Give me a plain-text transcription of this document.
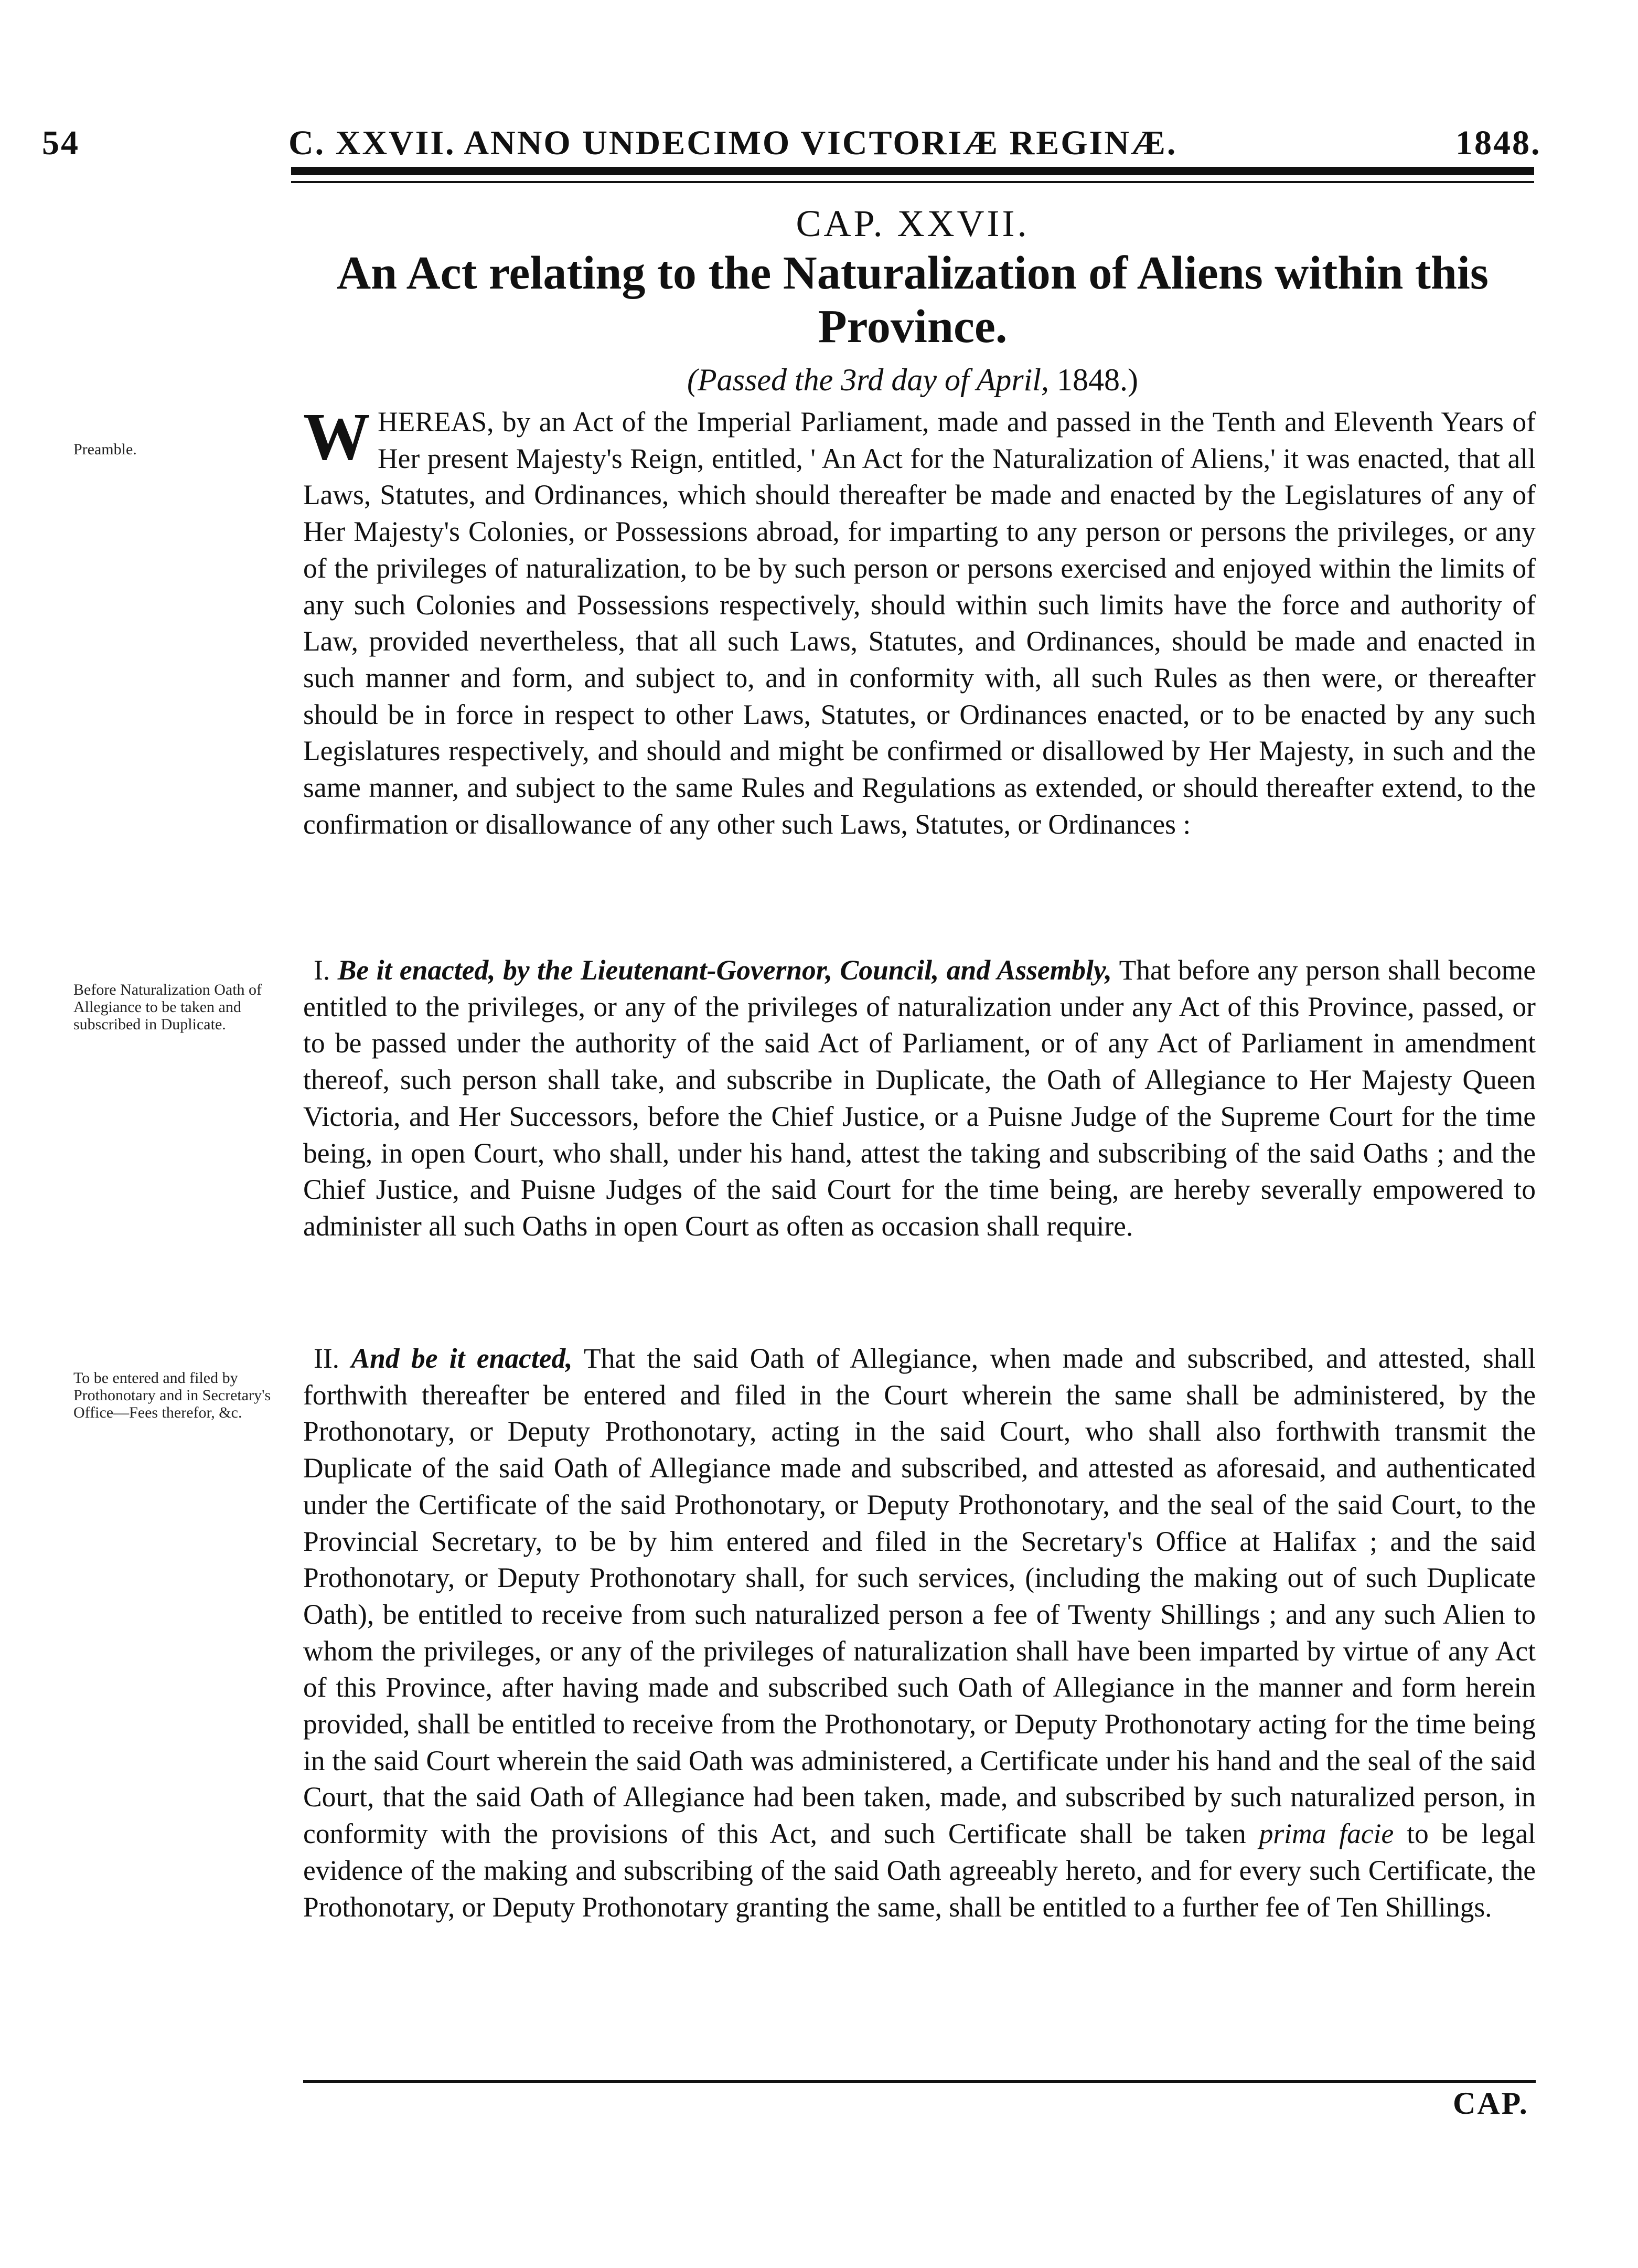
54	C. XXVII. ANNO UNDECIMO VICTORIÆ REGINÆ.	1848.
CAP. XXVII.
An Act relating to the Naturalization of Aliens within this Province.
(Passed the 3rd day of April, 1848.)
Preamble.
Before Naturalization Oath of Allegiance to be taken and subscribed in Duplicate.
To be entered and filed by Prothonotary and in Secretary's Office—Fees therefor, &c.
WHEREAS, by an Act of the Imperial Parliament, made and passed in the Tenth and Eleventh Years of Her present Majesty's Reign, entitled, ' An Act for the Naturalization of Aliens,' it was enacted, that all Laws, Statutes, and Ordinances, which should thereafter be made and enacted by the Legislatures of any of Her Majesty's Colonies, or Possessions abroad, for imparting to any person or persons the privileges, or any of the privileges of naturalization, to be by such person or persons exercised and enjoyed within the limits of any such Colonies and Possessions respectively, should within such limits have the force and authority of Law, provided nevertheless, that all such Laws, Statutes, and Ordinances, should be made and enacted in such manner and form, and subject to, and in conformity with, all such Rules as then were, or thereafter should be in force in respect to other Laws, Statutes, or Ordinances enacted, or to be enacted by any such Legislatures respectively, and should and might be confirmed or disallowed by Her Majesty, in such and the same manner, and subject to the same Rules and Regulations as extended, or should thereafter extend, to the confirmation or disallowance of any other such Laws, Statutes, or Ordinances :
I. Be it enacted, by the Lieutenant-Governor, Council, and Assembly, That before any person shall become entitled to the privileges, or any of the privileges of naturalization under any Act of this Province, passed, or to be passed under the authority of the said Act of Parliament, or of any Act of Parliament in amendment thereof, such person shall take, and subscribe in Duplicate, the Oath of Allegiance to Her Majesty Queen Victoria, and Her Successors, before the Chief Justice, or a Puisne Judge of the Supreme Court for the time being, in open Court, who shall, under his hand, attest the taking and subscribing of the said Oaths ; and the Chief Justice, and Puisne Judges of the said Court for the time being, are hereby severally empowered to administer all such Oaths in open Court as often as occasion shall require.
II. And be it enacted, That the said Oath of Allegiance, when made and subscribed, and attested, shall forthwith thereafter be entered and filed in the Court wherein the same shall be administered, by the Prothonotary, or Deputy Prothonotary, acting in the said Court, who shall also forthwith transmit the Duplicate of the said Oath of Allegiance made and subscribed, and attested as aforesaid, and authenticated under the Certificate of the said Prothonotary, or Deputy Prothonotary, and the seal of the said Court, to the Provincial Secretary, to be by him entered and filed in the Secretary's Office at Halifax ; and the said Prothonotary, or Deputy Prothonotary shall, for such services, (including the making out of such Duplicate Oath), be entitled to receive from such naturalized person a fee of Twenty Shillings ; and any such Alien to whom the privileges, or any of the privileges of naturalization shall have been imparted by virtue of any Act of this Province, after having made and subscribed such Oath of Allegiance in the manner and form herein provided, shall be entitled to receive from the Prothonotary, or Deputy Prothonotary acting for the time being in the said Court wherein the said Oath was administered, a Certificate under his hand and the seal of the said Court, that the said Oath of Allegiance had been taken, made, and subscribed by such naturalized person, in conformity with the provisions of this Act, and such Certificate shall be taken prima facie to be legal evidence of the making and subscribing of the said Oath agreeably hereto, and for every such Certificate, the Prothonotary, or Deputy Prothonotary granting the same, shall be entitled to a further fee of Ten Shillings.
CAP.
